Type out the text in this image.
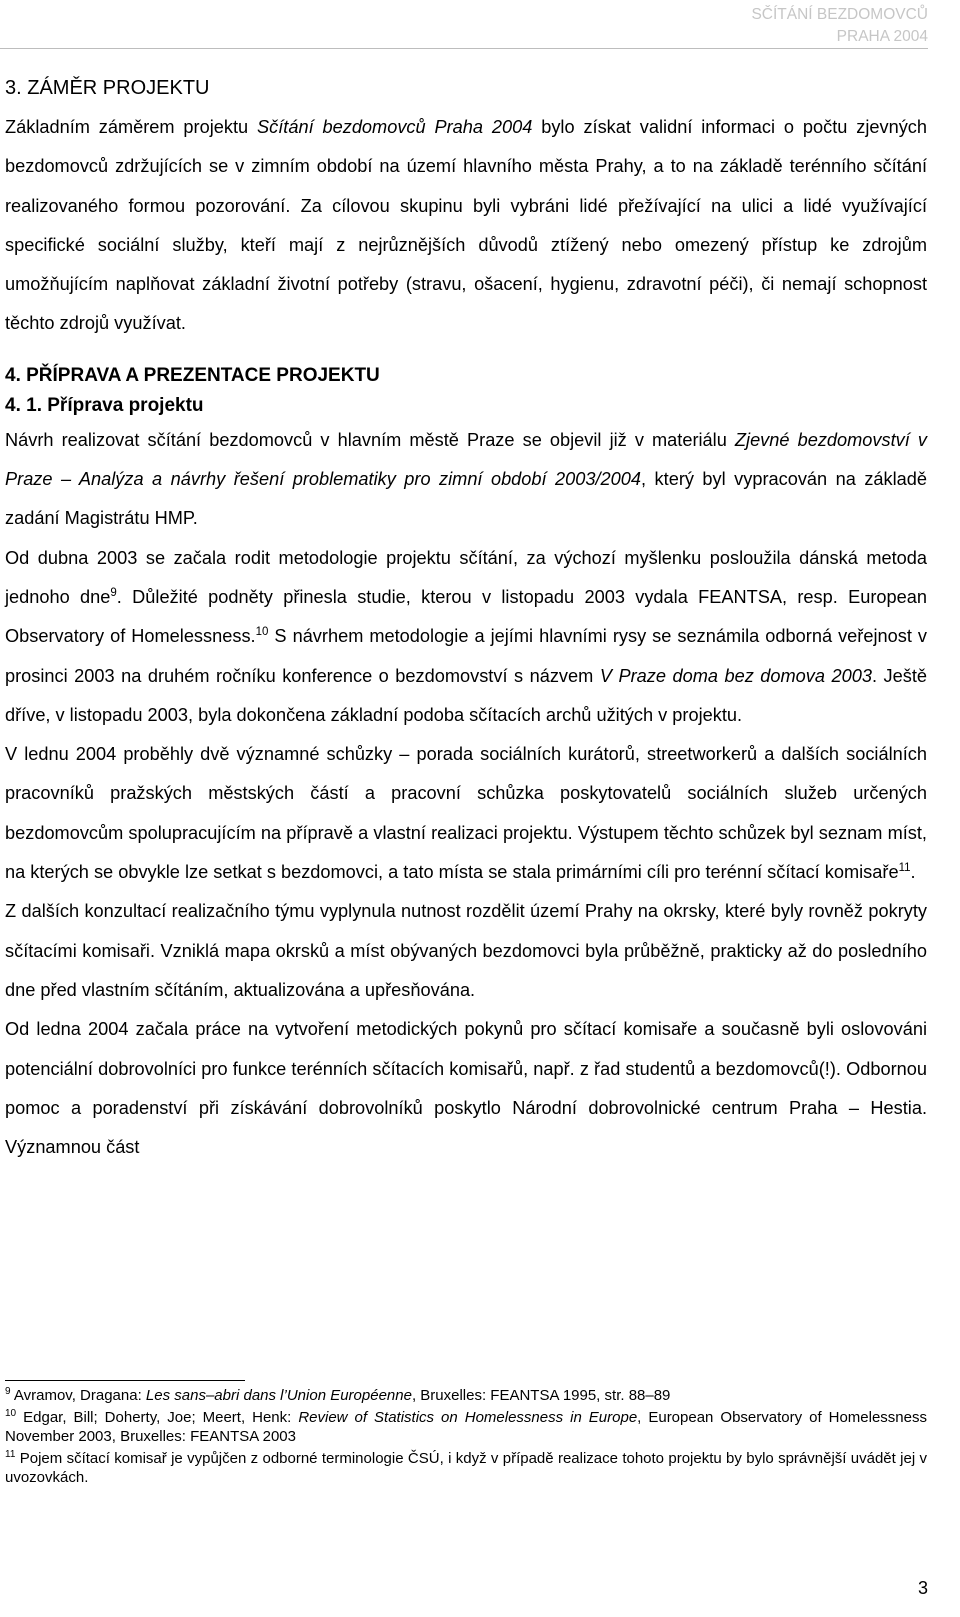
SČÍTÁNÍ BEZDOMOVCŮ
PRAHA 2004
3. ZÁMĚR PROJEKTU

Základním záměrem projektu Sčítání bezdomovců Praha 2004 bylo získat validní informaci o počtu zjevných bezdomovců zdržujících se v zimním období na území hlavního města Prahy, a to na základě terénního sčítání realizovaného formou pozorování. Za cílovou skupinu byli vybráni lidé přežívající na ulici a lidé využívající specifické sociální služby, kteří mají z nejrůznějších důvodů ztížený nebo omezený přístup ke zdrojům umožňujícím naplňovat základní životní potřeby (stravu, ošacení, hygienu, zdravotní péči), či nemají schopnost těchto zdrojů využívat.

4. PŘÍPRAVA A PREZENTACE PROJEKTU
4. 1. Příprava projektu

Návrh realizovat sčítání bezdomovců v hlavním městě Praze se objevil již v materiálu Zjevné bezdomovství v Praze – Analýza a návrhy řešení problematiky pro zimní období 2003/2004, který byl vypracován na základě zadání Magistrátu HMP.

Od dubna 2003 se začala rodit metodologie projektu sčítání, za výchozí myšlenku posloužila dánská metoda jednoho dne$^9$. Důležité podněty přinesla studie, kterou v listopadu 2003 vydala FEANTSA, resp. European Observatory of Homelessness.$^{10}$ S návrhem metodologie a jejími hlavními rysy se seznámila odborná veřejnost v prosinci 2003 na druhém ročníku konference o bezdomovství s názvem V Praze doma bez domova 2003. Ještě dříve, v listopadu 2003, byla dokončena základní podoba sčítacích archů užitých v projektu.

V lednu 2004 proběhly dvě významné schůzky – porada sociálních kurátorů, streetworkerů a dalších sociálních pracovníků pražských městských částí a pracovní schůzka poskytovatelů sociálních služeb určených bezdomovcům spolupracujícím na přípravě a vlastní realizaci projektu. Výstupem těchto schůzek byl seznam míst, na kterých se obvykle lze setkat s bezdomovci, a tato místa se stala primárními cíli pro terénní sčítací komisaře$^{11}$.

Z dalších konzultací realizačního týmu vyplynula nutnost rozdělit území Prahy na okrsky, které byly rovněž pokryty sčítacími komisaři. Vzniklá mapa okrsků a míst obývaných bezdomovci byla průběžně, prakticky až do posledního dne před vlastním sčítáním, aktualizována a upřesňována.

Od ledna 2004 začala práce na vytvoření metodických pokynů pro sčítací komisaře a současně byli oslovováni potenciální dobrovolníci pro funkce terénních sčítacích komisařů, např. z řad studentů a bezdomovců(!). Odbornou pomoc a poradenství při získávání dobrovolníků poskytlo Národní dobrovolnické centrum Praha – Hestia. Významnou část

$^9$ Avramov, Dragana: Les sans–abri dans l’Union Européenne, Bruxelles: FEANTSA 1995, str. 88–89

$^{10}$ Edgar, Bill; Doherty, Joe; Meert, Henk: Review of Statistics on Homelessness in Europe, European Observatory of Homelessness November 2003, Bruxelles: FEANTSA 2003

$^{11}$ Pojem sčítací komisař je vypůjčen z odborné terminologie ČSÚ, i když v případě realizace tohoto projektu by bylo správnější uvádět jej v uvozovkách.

3
